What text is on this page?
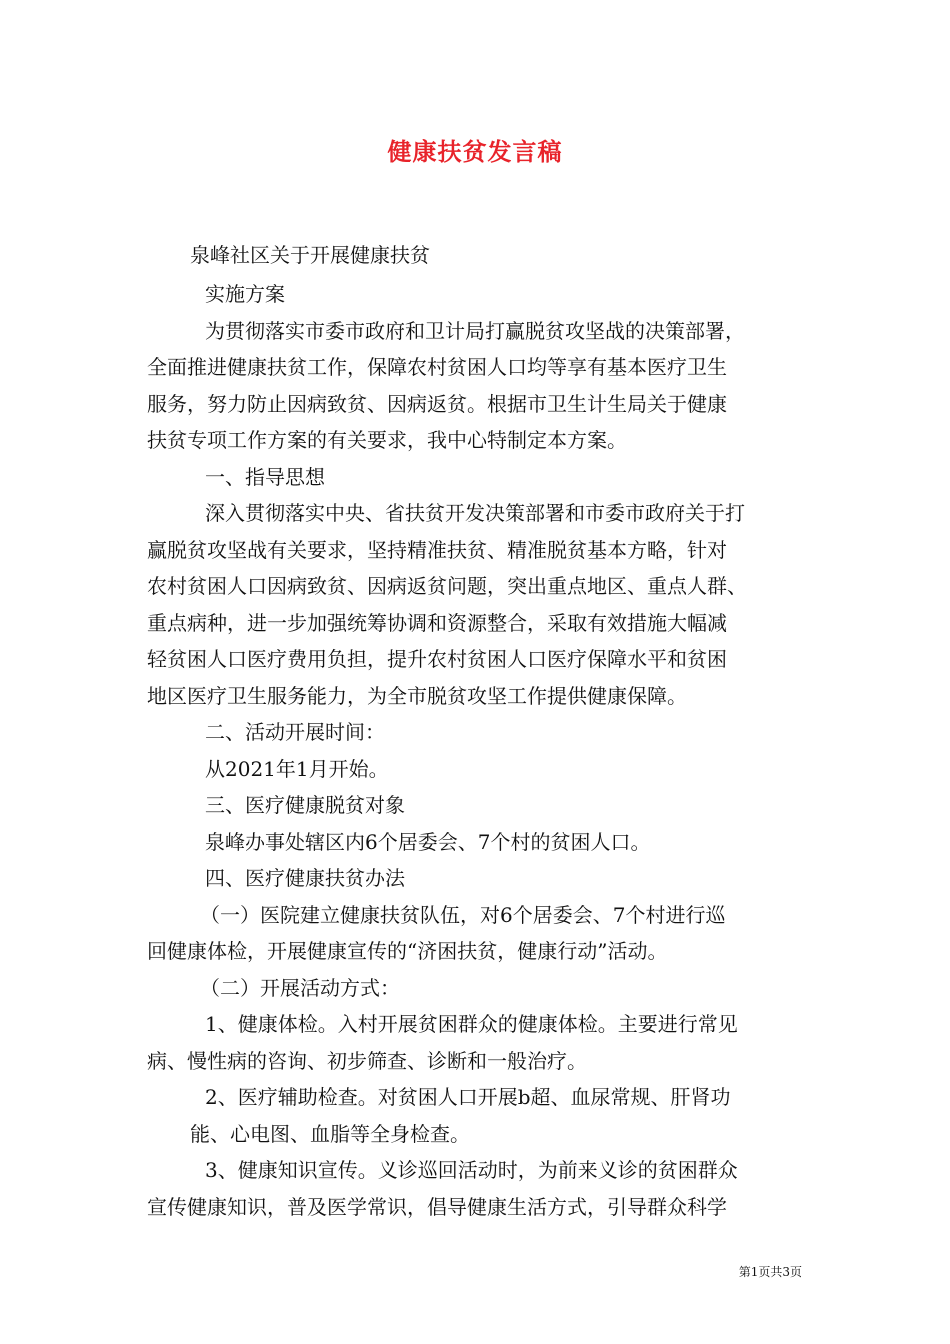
健康扶贫发言稿
泉峰社区关于开展健康扶贫
实施方案
为贯彻落实市委市政府和卫计局打赢脱贫攻坚战的决策部署，
全面推进健康扶贫工作，保障农村贫困人口均等享有基本医疗卫生
服务，努力防止因病致贫、因病返贫。根据市卫生计生局关于健康
扶贫专项工作方案的有关要求，我中心特制定本方案。
一、指导思想
深入贯彻落实中央、省扶贫开发决策部署和市委市政府关于打
赢脱贫攻坚战有关要求，坚持精准扶贫、精准脱贫基本方略，针对
农村贫困人口因病致贫、因病返贫问题，突出重点地区、重点人群、
重点病种，进一步加强统筹协调和资源整合，采取有效措施大幅减
轻贫困人口医疗费用负担，提升农村贫困人口医疗保障水平和贫困
地区医疗卫生服务能力，为全市脱贫攻坚工作提供健康保障。
二、活动开展时间：
从2021年1月开始。
三、医疗健康脱贫对象
泉峰办事处辖区内6个居委会、7个村的贫困人口。
四、医疗健康扶贫办法
（一）医院建立健康扶贫队伍，对6个居委会、7个村进行巡
回健康体检，开展健康宣传的“济困扶贫，健康行动”活动。
（二）开展活动方式：
1、健康体检。入村开展贫困群众的健康体检。主要进行常见
病、慢性病的咨询、初步筛查、诊断和一般治疗。
2、医疗辅助检查。对贫困人口开展b超、血尿常规、肝肾功
能、心电图、血脂等全身检查。
3、健康知识宣传。义诊巡回活动时，为前来义诊的贫困群众
宣传健康知识，普及医学常识，倡导健康生活方式，引导群众科学
第1页共3页
